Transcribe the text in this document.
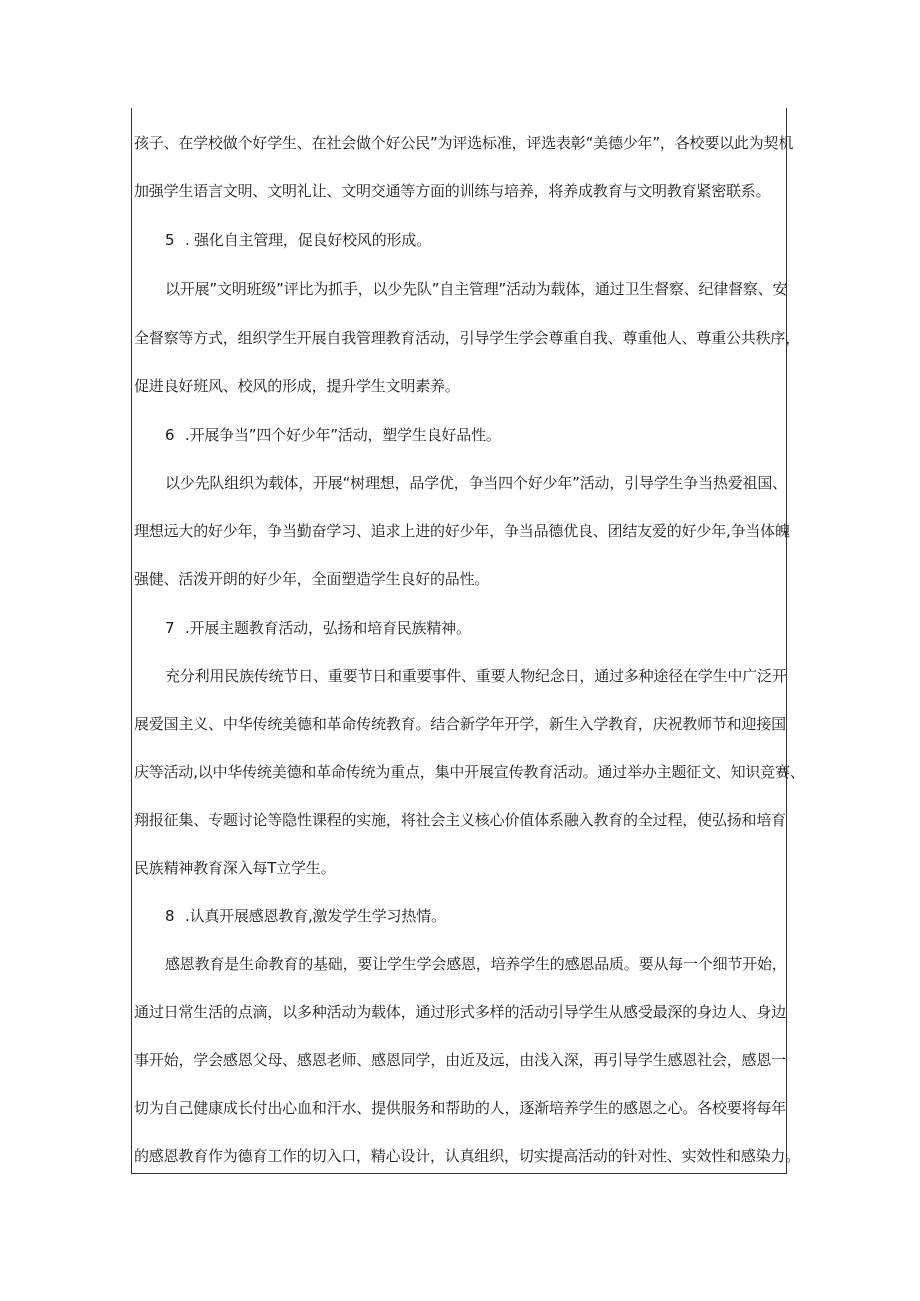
孩子、在学校做个好学生、在社会做个好公民”为评选标准，评选表彰“美德少年”，各校要以此为契机
加强学生语言文明、文明礼让、文明交通等方面的训练与培养，将养成教育与文明教育紧密联系。
5 . 强化自主管理，促良好校风的形成。
以开展”文明班级”评比为抓手，以少先队”自主管理”活动为载体，通过卫生督察、纪律督察、安
全督察等方式，组织学生开展自我管理教育活动，引导学生学会尊重自我、尊重他人、尊重公共秩序，
促进良好班风、校风的形成，提升学生文明素养。
6 .开展争当”四个好少年”活动，塑学生良好品性。
以少先队组织为载体，开展“树理想，品学优，争当四个好少年”活动，引导学生争当热爱祖国、
理想远大的好少年，争当勤奋学习、追求上进的好少年，争当品德优良、团结友爱的好少年,争当体魄
强健、活泼开朗的好少年，全面塑造学生良好的品性。
7 .开展主题教育活动，弘扬和培育民族精神。
充分利用民族传统节日、重要节日和重要事件、重要人物纪念日，通过多种途径在学生中广泛开
展爱国主义、中华传统美德和革命传统教育。结合新学年开学，新生入学教育，庆祝教师节和迎接国
庆等活动,以中华传统美德和革命传统为重点，集中开展宣传教育活动。通过举办主题征文、知识竞赛、
翔报征集、专题讨论等隐性课程的实施，将社会主义核心价值体系融入教育的全过程，使弘扬和培育
民族精神教育深入每T立学生。
8 .认真开展感恩教育,激发学生学习热情。
感恩教育是生命教育的基础，要让学生学会感恩，培养学生的感恩品质。要从每一个细节开始，
通过日常生活的点滴，以多种活动为载体，通过形式多样的活动引导学生从感受最深的身边人、身边
事开始，学会感恩父母、感恩老师、感恩同学，由近及远，由浅入深，再引导学生感恩社会，感恩一
切为自己健康成长付出心血和汗水、提供服务和帮助的人，逐渐培养学生的感恩之心。各校要将每年
的感恩教育作为德育工作的切入口，精心设计，认真组织，切实提高活动的针对性、实效性和感染力。
